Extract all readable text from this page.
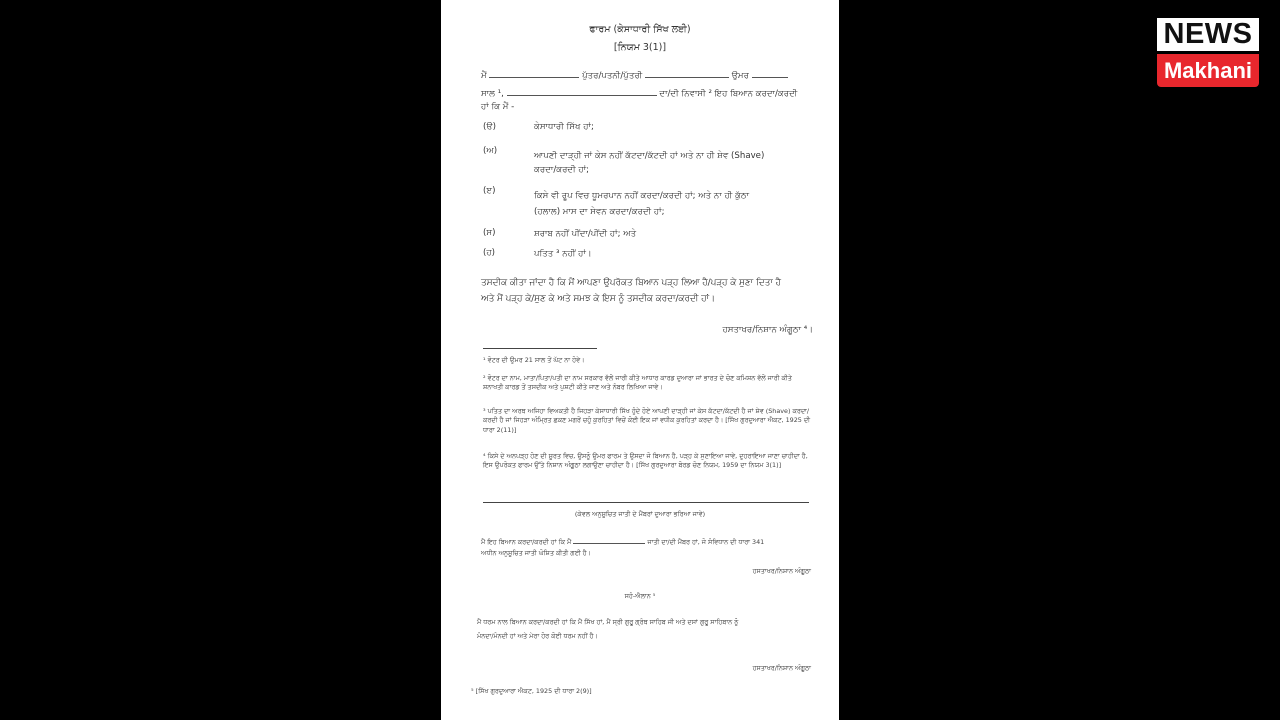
ਫਾਰਮ (ਕੇਸਾਧਾਰੀ ਸਿੱਖ ਲਈ)
[ਨਿਯਮ 3(1)]
ਮੈਂ	ਪੁੱਤਰ/ਪਤਨੀ/ਪੁੱਤਰੀ	ਉਮਰ
ਸਾਲ ¹,	ਦਾ/ਦੀ ਨਿਵਾਸੀ ² ਇਹ ਬਿਆਨ ਕਰਦਾ/ਕਰਦੀ
ਹਾਂ ਕਿ ਮੈਂ -
(ੳ)	ਕੇਸਾਧਾਰੀ ਸਿੱਖ ਹਾਂ;
(ਅ)	ਆਪਣੀ ਦਾੜ੍ਹੀ ਜਾਂ ਕੇਸ ਨਹੀਂ ਕੱਟਦਾ/ਕੱਟਦੀ ਹਾਂ ਅਤੇ ਨਾ ਹੀ ਸ਼ੇਵ (Shave)
ਕਰਦਾ/ਕਰਦੀ ਹਾਂ;
(ੲ)	ਕਿਸੇ ਵੀ ਰੂਪ ਵਿਚ ਧੂਮਰਪਾਨ ਨਹੀਂ ਕਰਦਾ/ਕਰਦੀ ਹਾਂ; ਅਤੇ ਨਾ ਹੀ ਕੁੱਠਾ
(ਹਲਾਲ) ਮਾਸ ਦਾ ਸੇਵਨ ਕਰਦਾ/ਕਰਦੀ ਹਾਂ;
(ਸ)	ਸ਼ਰਾਬ ਨਹੀਂ ਪੀਂਦਾ/ਪੀਂਦੀ ਹਾਂ; ਅਤੇ
(ਹ)	ਪਤਿਤ ³ ਨਹੀਂ ਹਾਂ।
ਤਸਦੀਕ ਕੀਤਾ ਜਾਂਦਾ ਹੈ ਕਿ ਮੈਂ ਆਪਣਾ ਉਪਰੋਕਤ ਬਿਆਨ ਪੜ੍ਹ ਲਿਆ ਹੈ/ਪੜ੍ਹ ਕੇ ਸੁਣਾ ਦਿਤਾ ਹੈ
ਅਤੇ ਮੈਂ ਪੜ੍ਹ ਕੇ/ਸੁਣ ਕੇ ਅਤੇ ਸਮਝ ਕੇ ਇਸ ਨੂੰ ਤਸਦੀਕ ਕਰਦਾ/ਕਰਦੀ ਹਾਂ।
ਹਸਤਾਖਰ/ਨਿਸ਼ਾਨ ਅੰਗੂਠਾ ⁴।
¹ ਵੋਟਰ ਦੀ ਉਮਰ 21 ਸਾਲ ਤੋਂ ਘੱਟ ਨਾ ਹੋਵੇ।
² ਵੋਟਰ ਦਾ ਨਾਮ, ਮਾਤਾ/ਪਿਤਾ/ਪਤੀ ਦਾ ਨਾਮ ਸਰਕਾਰ ਵੱਲੋਂ ਜਾਰੀ ਕੀਤੇ ਆਧਾਰ ਕਾਰਡ ਦੁਆਰਾ ਜਾਂ ਭਾਰਤ ਦੇ ਚੋਣ ਕਮਿਸ਼ਨ ਵੱਲੋਂ ਜਾਰੀ ਕੀਤੇ ਸ਼ਨਾਖਤੀ ਕਾਰਡ ਤੋਂ ਤਸਦੀਕ ਅਤੇ ਪੁਸ਼ਟੀ ਕੀਤੇ ਜਾਣ ਅਤੇ ਨੰਬਰ ਲਿਖਿਆ ਜਾਵੇ।
³ ਪਤਿਤ ਦਾ ਅਰਥ ਅਜਿਹਾ ਵਿਅਕਤੀ ਹੈ ਜਿਹੜਾ ਕੇਸਾਧਾਰੀ ਸਿੱਖ ਹੁੰਦੇ ਹੋਏ ਆਪਣੀ ਦਾੜ੍ਹੀ ਜਾਂ ਕੇਸ ਕੱਟਦਾ/ਕੱਟਦੀ ਹੈ ਜਾਂ ਸ਼ੇਵ (Shave) ਕਰਦਾ/ਕਰਦੀ ਹੈ ਜਾਂ ਜਿਹੜਾ ਅੰਮ੍ਰਿਤ ਛਕਣ ਮਗਰੋਂ ਚਹੁੰ ਕੁਰਹਿਤਾਂ ਵਿਚੋਂ ਕੋਈ ਇਕ ਜਾਂ ਵਧੀਕ ਕੁਰਹਿਤਾਂ ਕਰਦਾ ਹੈ। [ਸਿੱਖ ਗੁਰਦੁਆਰਾ ਐਕਟ, 1925 ਦੀ ਧਾਰਾ 2(11)]
⁴ ਕਿਸੇ ਦੇ ਅਨਪੜ੍ਹ ਹੋਣ ਦੀ ਸੂਰਤ ਵਿਚ, ਉਸਨੂੰ ਉਮਰ ਫਾਰਮ ਤੇ ਉਸਦਾ ਜੋ ਬਿਆਨ ਹੈ, ਪੜ੍ਹ ਕੇ ਸੁਣਾਇਆ ਜਾਵੇ, ਦੁਹਰਾਇਆ ਜਾਣਾ ਚਾਹੀਦਾ ਹੈ, ਇਸ ਉਪਰੋਕਤ ਫਾਰਮ ਉੱਤੇ ਨਿਸ਼ਾਨ ਅੰਗੂਠਾ ਲਗਾਉਣਾ ਚਾਹੀਦਾ ਹੈ। [ਸਿੱਖ ਗੁਰਦੁਆਰਾ ਬੋਰਡ ਚੋਣ ਨਿਯਮ, 1959 ਦਾ ਨਿਯਮ 3(1)]
(ਕੇਵਲ ਅਨੁਸੂਚਿਤ ਜਾਤੀ ਦੇ ਮੈਂਬਰਾਂ ਦੁਆਰਾ ਭਰਿਆ ਜਾਵੇ)
ਮੈਂ ਇਹ ਬਿਆਨ ਕਰਦਾ/ਕਰਦੀ ਹਾਂ ਕਿ ਮੈਂ	ਜਾਤੀ ਦਾ/ਦੀ ਮੈਂਬਰ ਹਾਂ, ਜੋ ਸੰਵਿਧਾਨ ਦੀ ਧਾਰਾ 341
ਅਧੀਨ ਅਨੁਸੂਚਿਤ ਜਾਤੀ ਘੋਸ਼ਿਤ ਕੀਤੀ ਗਈ ਹੈ।
ਹਸਤਾਖਰ/ਨਿਸ਼ਾਨ ਅੰਗੂਠਾ
ਸਹੰ-ਐਲਾਨ ⁵
ਮੈਂ ਧਰਮ ਨਾਲ ਬਿਆਨ ਕਰਦਾ/ਕਰਦੀ ਹਾਂ ਕਿ ਮੈਂ ਸਿੱਖ ਹਾਂ, ਮੈਂ ਸ੍ਰੀ ਗੁਰੂ ਗ੍ਰੰਥ ਸਾਹਿਬ ਜੀ ਅਤੇ ਦਸਾਂ ਗੁਰੂ ਸਾਹਿਬਾਨ ਨੂੰ
ਮੰਨਦਾ/ਮੰਨਦੀ ਹਾਂ ਅਤੇ ਮੇਰਾ ਹੋਰ ਕੋਈ ਧਰਮ ਨਹੀਂ ਹੈ।
ਹਸਤਾਖਰ/ਨਿਸ਼ਾਨ ਅੰਗੂਠਾ
⁵ [ਸਿੱਖ ਗੁਰਦੁਆਰਾ ਐਕਟ, 1925 ਦੀ ਧਾਰਾ 2(9)]
NEWS
Makhani
